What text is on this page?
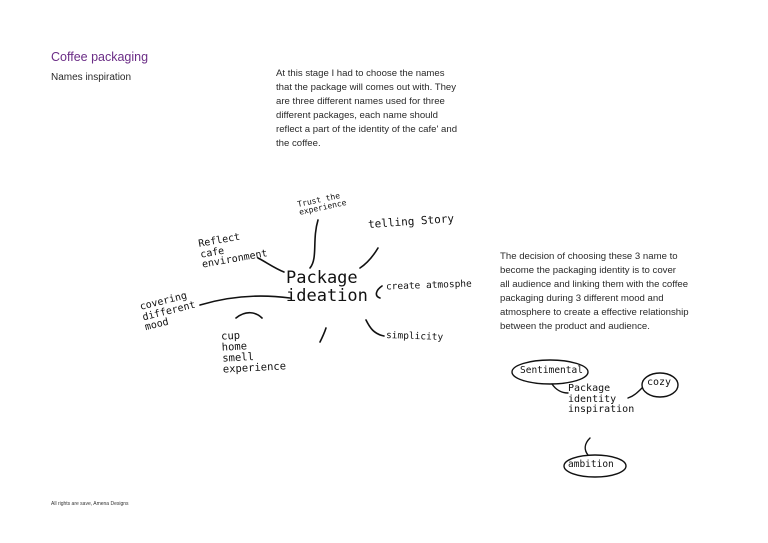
Coffee packaging
Names inspiration	At this stage I had to choose the names
that the package will comes out with. They
are three different names used for three
different packages, each name should
reflect a part of the identity of the cafe' and
the coffee.
The decision of choosing these 3 name to
become the packaging identity is to cover
all audience and linking them with the coffee
packaging during 3 different mood and
atmosphere to create a effective relationship
between the product and audience.
Package
ideation
Trust the
experience
telling Story
Reflect
cafe
environment
create atmosphe
covering
different
mood
simplicity
cup
home
smell
experience	Sentimental
cozy
ambition
Package
identity
inspiration
All rights are save, Amena Designs
